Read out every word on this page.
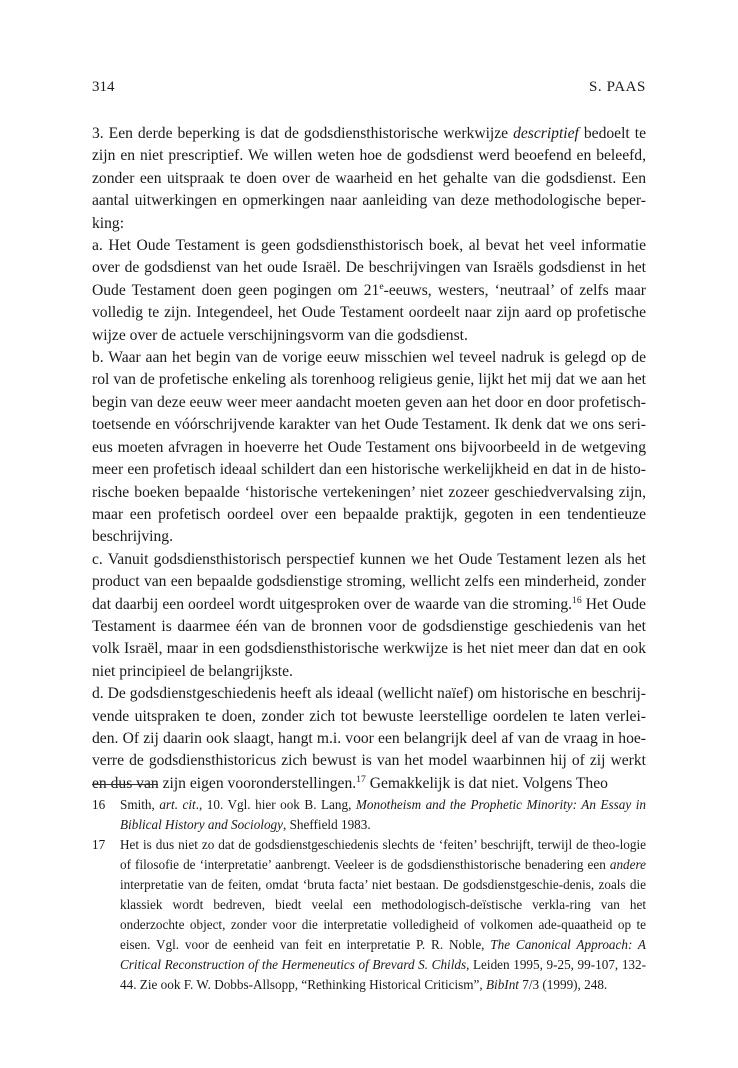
314	S. PAAS

3. Een derde beperking is dat de godsdiensthistorische werkwijze descriptief bedoelt te zijn en niet prescriptief. We willen weten hoe de godsdienst werd beoefend en beleefd, zonder een uitspraak te doen over de waarheid en het gehalte van die godsdienst. Een aantal uitwerkingen en opmerkingen naar aanleiding van deze methodologische beper-king:

a. Het Oude Testament is geen godsdiensthistorisch boek, al bevat het veel informatie over de godsdienst van het oude Israël. De beschrijvingen van Israëls godsdienst in het Oude Testament doen geen pogingen om 21e-eeuws, westers, ‘neutraal’ of zelfs maar volledig te zijn. Integendeel, het Oude Testament oordeelt naar zijn aard op profetische wijze over de actuele verschijningsvorm van die godsdienst.

b. Waar aan het begin van de vorige eeuw misschien wel teveel nadruk is gelegd op de rol van de profetische enkeling als torenhoog religieus genie, lijkt het mij dat we aan het begin van deze eeuw weer meer aandacht moeten geven aan het door en door profetisch-toetsende en vóórschrijvende karakter van het Oude Testament. Ik denk dat we ons seri-eus moeten afvragen in hoeverre het Oude Testament ons bijvoorbeeld in de wetgeving meer een profetisch ideaal schildert dan een historische werkelijkheid en dat in de histo-rische boeken bepaalde ‘historische vertekeningen’ niet zozeer geschiedvervalsing zijn, maar een profetisch oordeel over een bepaalde praktijk, gegoten in een tendentieuze beschrijving.

c. Vanuit godsdiensthistorisch perspectief kunnen we het Oude Testament lezen als het product van een bepaalde godsdienstige stroming, wellicht zelfs een minderheid, zonder dat daarbij een oordeel wordt uitgesproken over de waarde van die stroming.$^{16}$ Het Oude Testament is daarmee één van de bronnen voor de godsdienstige geschiedenis van het volk Israël, maar in een godsdiensthistorische werkwijze is het niet meer dan dat en ook niet principieel de belangrijkste.

d. De godsdienstgeschiedenis heeft als ideaal (wellicht naïef) om historische en beschrij-vende uitspraken te doen, zonder zich tot bewuste leerstellige oordelen te laten verlei-den. Of zij daarin ook slaagt, hangt m.i. voor een belangrijk deel af van de vraag in hoe-verre de godsdiensthistoricus zich bewust is van het model waarbinnen hij of zij werkt en dus van zijn eigen vooronderstellingen.$^{17}$ Gemakkelijk is dat niet. Volgens Theo

16	Smith, art. cit., 10. Vgl. hier ook B. Lang, Monotheism and the Prophetic Minority: An Essay in Biblical History and Sociology, Sheffield 1983.
17	Het is dus niet zo dat de godsdienstgeschiedenis slechts de ‘feiten’ beschrijft, terwijl de theo-logie of filosofie de ‘interpretatie’ aanbrengt. Veeleer is de godsdiensthistorische benadering een andere interpretatie van de feiten, omdat ‘bruta facta’ niet bestaan. De godsdienstgeschie-denis, zoals die klassiek wordt bedreven, biedt veelal een methodologisch-deïstische verkla-ring van het onderzochte object, zonder voor die interpretatie volledigheid of volkomen ade-quaatheid op te eisen. Vgl. voor de eenheid van feit en interpretatie P. R. Noble, The Canonical Approach: A Critical Reconstruction of the Hermeneutics of Brevard S. Childs, Leiden 1995, 9-25, 99-107, 132-44. Zie ook F. W. Dobbs-Allsopp, “Rethinking Historical Criticism”, BibInt 7/3 (1999), 248.
